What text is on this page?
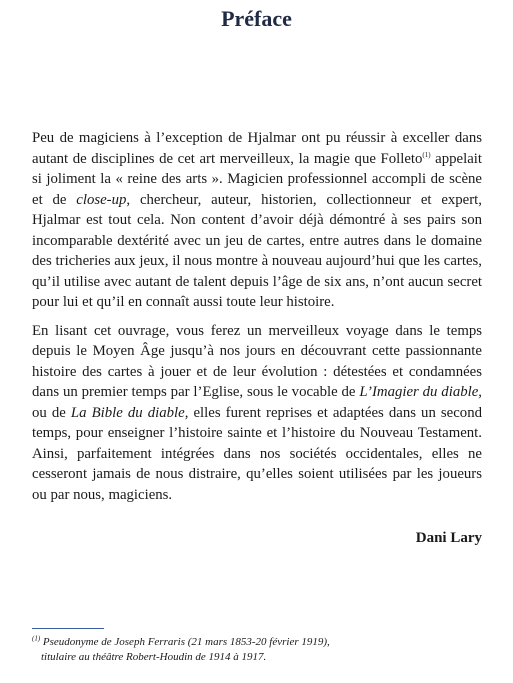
Préface

Peu de magiciens à l’exception de Hjalmar ont pu réussir à exceller dans autant de disciplines de cet art merveilleux, la magie que Folleto$^{(1)}$ appelait si joliment la « reine des arts ». Magicien professionnel accompli de scène et de close-up, chercheur, auteur, historien, collectionneur et expert, Hjalmar est tout cela. Non content d’avoir déjà démontré à ses pairs son incomparable dextérité avec un jeu de cartes, entre autres dans le domaine des tricheries aux jeux, il nous montre à nouveau aujourd’hui que les cartes, qu’il utilise avec autant de talent depuis l’âge de six ans, n’ont aucun secret pour lui et qu’il en connaît aussi toute leur histoire.

En lisant cet ouvrage, vous ferez un merveilleux voyage dans le temps depuis le Moyen Âge jusqu’à nos jours en découvrant cette passionnante histoire des cartes à jouer et de leur évolution : détestées et condamnées dans un premier temps par l’Eglise, sous le vocable de L’Imagier du diable, ou de La Bible du diable, elles furent reprises et adaptées dans un second temps, pour enseigner l’histoire sainte et l’histoire du Nouveau Testament. Ainsi, parfaitement intégrées dans nos sociétés occidentales, elles ne cesseront jamais de nous distraire, qu’elles soient utilisées par les joueurs ou par nous, magiciens.

Dani Lary
$^{(1)}$ Pseudonyme de Joseph Ferraris (21 mars 1853-20 février 1919),
titulaire au théâtre Robert-Houdin de 1914 à 1917.
